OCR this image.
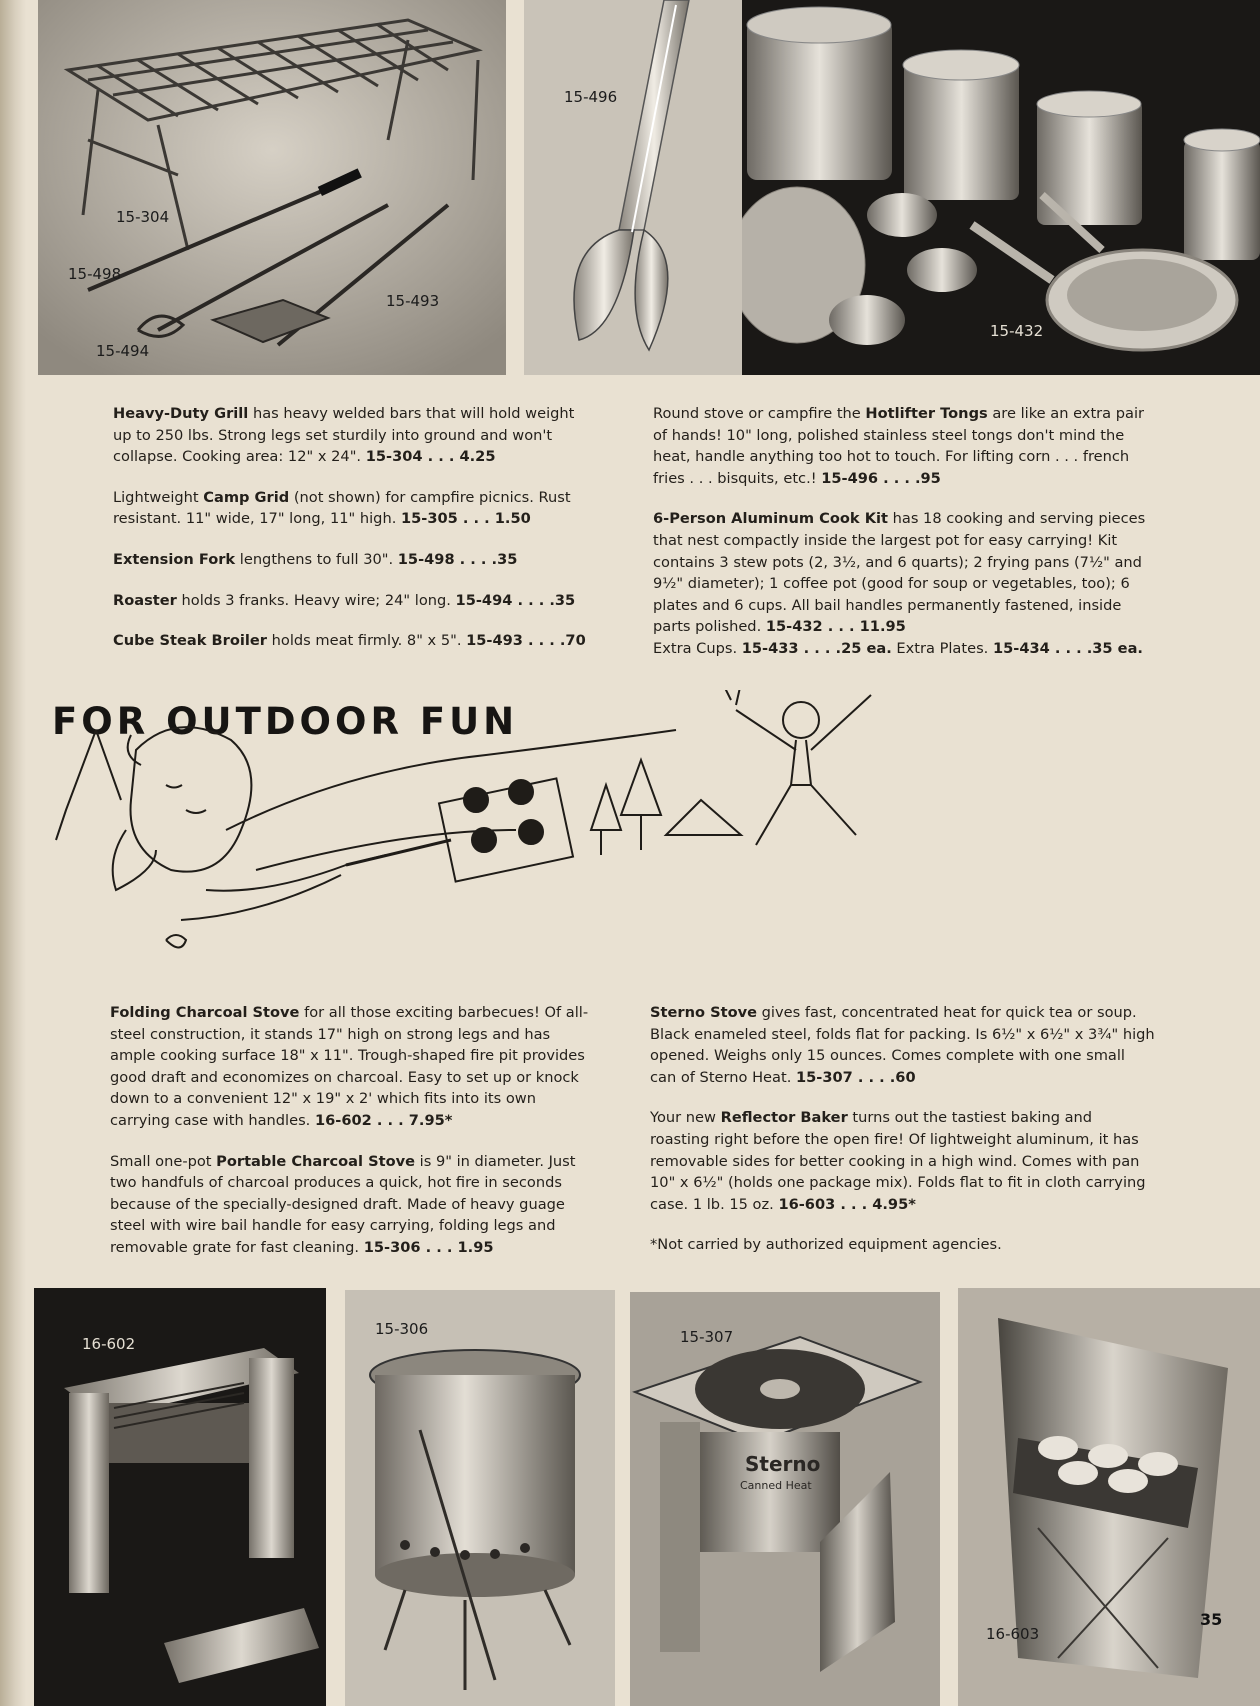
15-304
15-498
15-493
15-494
15-496
15-432

Heavy-Duty Grill has heavy welded bars that will hold weight up to 250 lbs. Strong legs set sturdily into ground and won't collapse. Cooking area: 12" x 24". 15-304 . . . 4.25

Lightweight Camp Grid (not shown) for campfire picnics. Rust resistant. 11" wide, 17" long, 11" high. 15-305 . . . 1.50

Extension Fork lengthens to full 30". 15-498 . . . .35

Roaster holds 3 franks. Heavy wire; 24" long. 15-494 . . . .35

Cube Steak Broiler holds meat firmly. 8" x 5". 15-493 . . . .70

Round stove or campfire the Hotlifter Tongs are like an extra pair of hands! 10" long, polished stainless steel tongs don't mind the heat, handle anything too hot to touch. For lifting corn . . . french fries . . . bisquits, etc.! 15-496 . . . .95

6-Person Aluminum Cook Kit has 18 cooking and serving pieces that nest compactly inside the largest pot for easy carrying! Kit contains 3 stew pots (2, 3½, and 6 quarts); 2 frying pans (7½" and 9½" diameter); 1 coffee pot (good for soup or vegetables, too); 6 plates and 6 cups. All bail handles permanently fastened, inside parts polished. 15-432 . . . 11.95
Extra Cups. 15-433 . . . .25 ea. Extra Plates. 15-434 . . . .35 ea.

FOR OUTDOOR FUN

Folding Charcoal Stove for all those exciting barbecues! Of all-steel construction, it stands 17" high on strong legs and has ample cooking surface 18" x 11". Trough-shaped fire pit provides good draft and economizes on charcoal. Easy to set up or knock down to a convenient 12" x 19" x 2' which fits into its own carrying case with handles. 16-602 . . . 7.95*

Small one-pot Portable Charcoal Stove is 9" in diameter. Just two handfuls of charcoal produces a quick, hot fire in seconds because of the specially-designed draft. Made of heavy guage steel with wire bail handle for easy carrying, folding legs and removable grate for fast cleaning. 15-306 . . . 1.95

Sterno Stove gives fast, concentrated heat for quick tea or soup. Black enameled steel, folds flat for packing. Is 6½" x 6½" x 3¾" high opened. Weighs only 15 ounces. Comes complete with one small can of Sterno Heat. 15-307 . . . .60

Your new Reflector Baker turns out the tastiest baking and roasting right before the open fire! Of lightweight aluminum, it has removable sides for better cooking in a high wind. Comes with pan 10" x 6½" (holds one package mix). Folds flat to fit in cloth carrying case. 1 lb. 15 oz. 16-603 . . . 4.95*

*Not carried by authorized equipment agencies.

16-602
15-306
Sterno
Canned Heat
15-307
16-603
35
